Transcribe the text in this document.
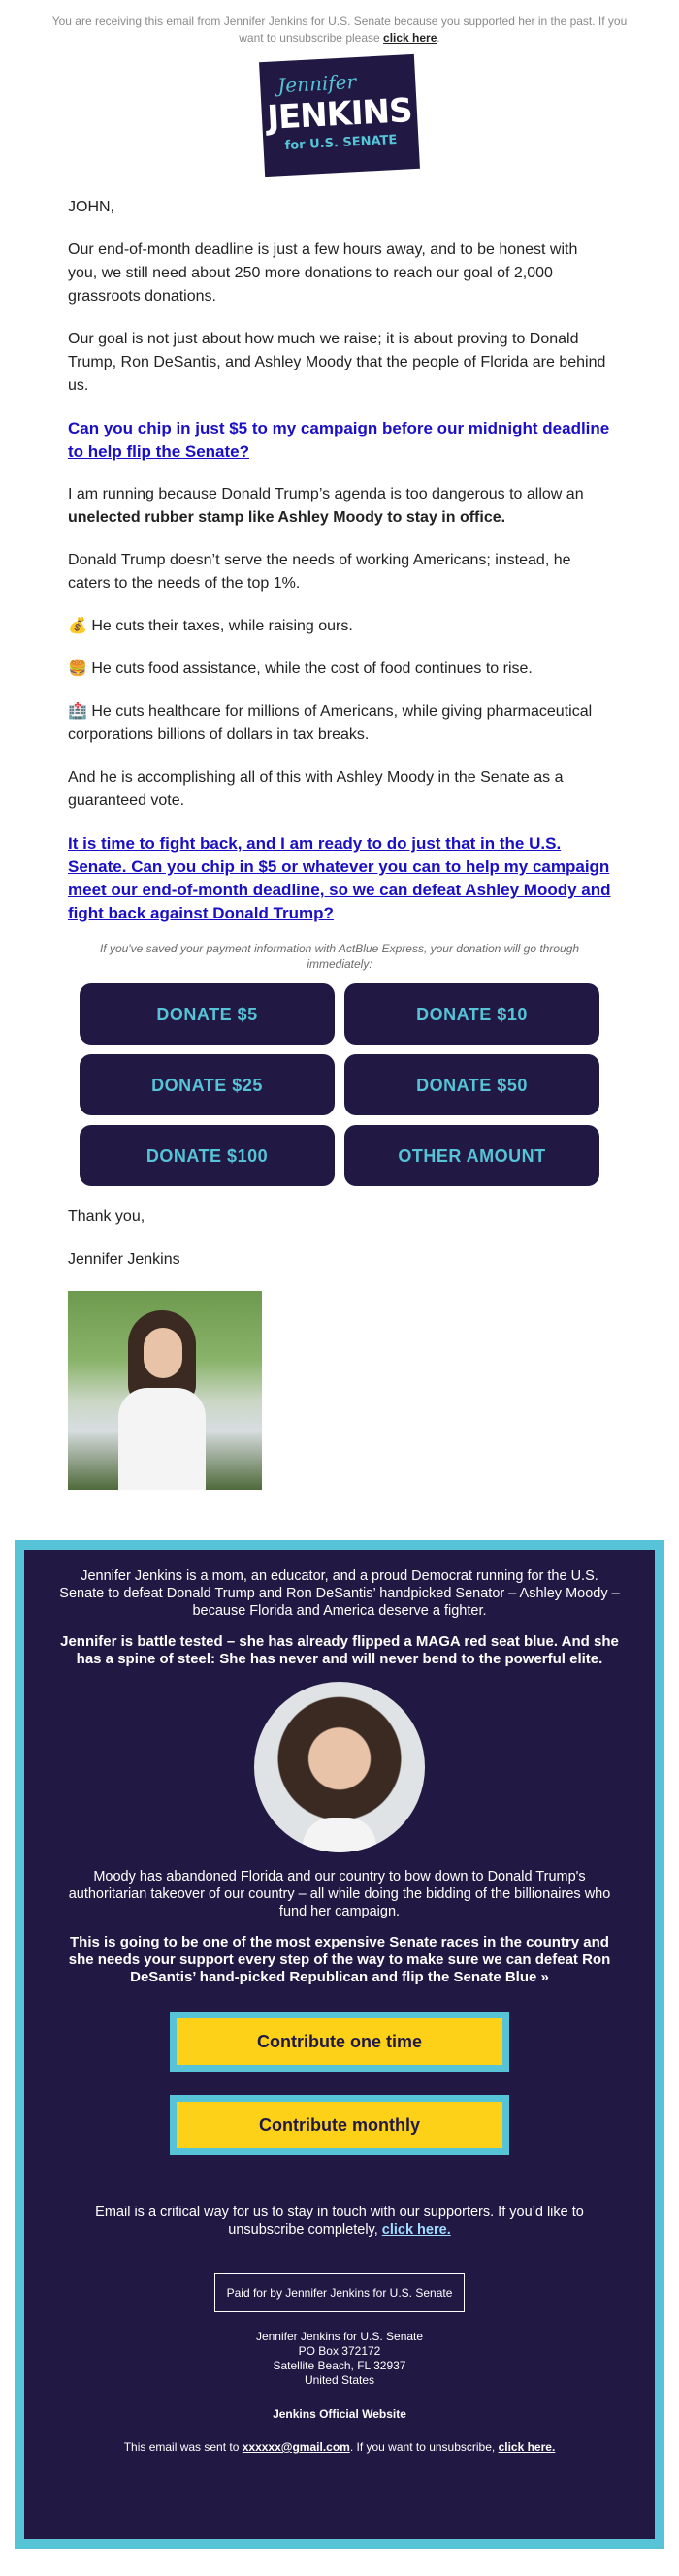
You are receiving this email from Jennifer Jenkins for U.S. Senate because you supported her in the past. If you want to unsubscribe please click here.
Jennifer
JENKINS
for U.S. SENATE

JOHN,

Our end-of-month deadline is just a few hours away, and to be honest with you, we still need about 250 more donations to reach our goal of 2,000 grassroots donations.

Our goal is not just about how much we raise; it is about proving to Donald Trump, Ron DeSantis, and Ashley Moody that the people of Florida are behind us.

Can you chip in just $5 to my campaign before our midnight deadline to help flip the Senate?

I am running because Donald Trump’s agenda is too dangerous to allow an unelected rubber stamp like Ashley Moody to stay in office.

Donald Trump doesn’t serve the needs of working Americans; instead, he caters to the needs of the top 1%.

💰 He cuts their taxes, while raising ours.

🍔 He cuts food assistance, while the cost of food continues to rise.

🏥 He cuts healthcare for millions of Americans, while giving pharmaceutical corporations billions of dollars in tax breaks.

And he is accomplishing all of this with Ashley Moody in the Senate as a guaranteed vote.

It is time to fight back, and I am ready to do just that in the U.S. Senate. Can you chip in $5 or whatever you can to help my campaign meet our end-of-month deadline, so we can defeat Ashley Moody and fight back against Donald Trump?
If you've saved your payment information with ActBlue Express, your donation will go through immediately:
DONATE $5	DONATE $10
DONATE $25	DONATE $50
DONATE $100	OTHER AMOUNT

Thank you,

Jennifer Jenkins

Jennifer Jenkins is a mom, an educator, and a proud Democrat running for the U.S. Senate to defeat Donald Trump and Ron DeSantis’ handpicked Senator – Ashley Moody – because Florida and America deserve a fighter.

Jennifer is battle tested – she has already flipped a MAGA red seat blue. And she has a spine of steel: She has never and will never bend to the powerful elite.

Moody has abandoned Florida and our country to bow down to Donald Trump's authoritarian takeover of our country – all while doing the bidding of the billionaires who fund her campaign.

This is going to be one of the most expensive Senate races in the country and she needs your support every step of the way to make sure we can defeat Ron DeSantis’ hand-picked Republican and flip the Senate Blue »

Contribute one time
Contribute monthly

Email is a critical way for us to stay in touch with our supporters. If you’d like to unsubscribe completely, click here.

Paid for by Jennifer Jenkins for U.S. Senate
Jennifer Jenkins for U.S. Senate
PO Box 372172
Satellite Beach, FL 32937
United States
Jenkins Official Website
This email was sent to xxxxxx@gmail.com. If you want to unsubscribe, click here.
